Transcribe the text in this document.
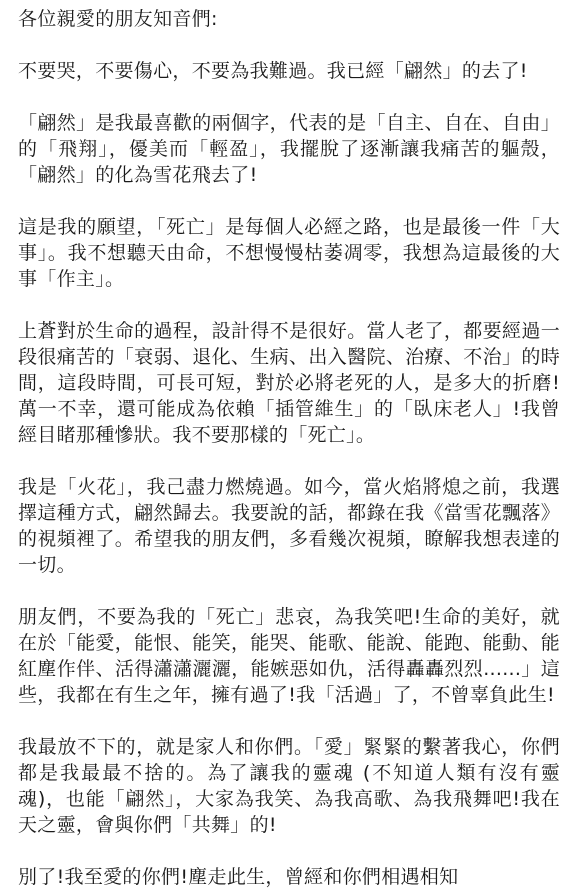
各位親愛的朋友知音們:

不要哭，不要傷心，不要為我難過。我已經「翩然」的去了!

「翩然」是我最喜歡的兩個字，代表的是「自主、自在、自由」的「飛翔」，優美而「輕盈」，我擺脫了逐漸讓我痛苦的軀殼，「翩然」的化為雪花飛去了!

這是我的願望，「死亡」是每個人必經之路，也是最後一件「大事」。我不想聽天由命，不想慢慢枯萎凋零，我想為這最後的大事「作主」。

上蒼對於生命的過程，設計得不是很好。當人老了，都要經過一段很痛苦的「衰弱、退化、生病、出入醫院、治療、不治」的時間，這段時間，可長可短，對於必將老死的人，是多大的折磨!萬一不幸，還可能成為依賴「插管維生」的「臥床老人」!我曾經目睹那種慘狀。我不要那樣的「死亡」。

我是「火花」，我己盡力燃燒過。如今，當火焰將熄之前，我選擇這種方式，翩然歸去。我要說的話，都錄在我《當雪花飄落》的視頻裡了。希望我的朋友們，多看幾次視頻，瞭解我想表達的一切。

朋友們，不要為我的「死亡」悲哀，為我笑吧!生命的美好，就在於「能愛，能恨、能笑，能哭、能歌、能說、能跑、能動、能紅塵作伴、活得瀟瀟灑灑，能嫉惡如仇，活得轟轟烈烈......」這些，我都在有生之年，擁有過了!我「活過」了，不曾辜負此生!

我最放不下的，就是家人和你們。「愛」緊緊的繫著我心，你們都是我最最不捨的。為了讓我的靈魂 (不知道人類有沒有靈魂)，也能「翩然」，大家為我笑、為我高歌、為我飛舞吧!我在天之靈，會與你們「共舞」的!

別了!我至愛的你們!塵走此生，曾經和你們相遇相知
